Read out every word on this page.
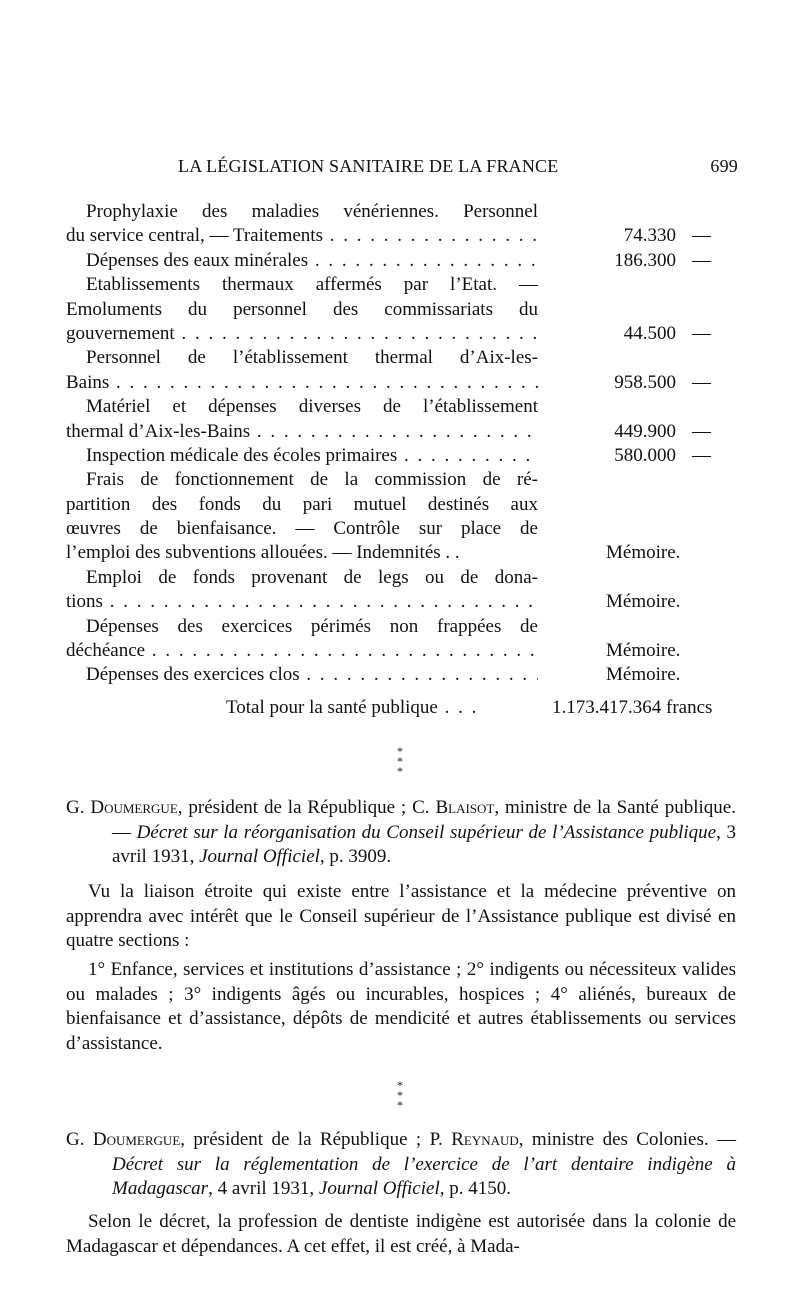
LA LÉGISLATION SANITAIRE DE LA FRANCE	699
Prophylaxie des maladies vénériennes. Personnel
du service central, — Traitements . . .	74.330 —
Dépenses des eaux minérales . . .	186.300 —
Etablissements thermaux affermés par l’Etat. —
Emoluments du personnel des commissariats du
gouvernement . . .	44.500 —
Personnel de l’établissement thermal d’Aix-les-
Bains . . .	958.500 —
Matériel et dépenses diverses de l’établissement
thermal d’Aix-les-Bains . . .	449.900 —
Inspection médicale des écoles primaires . . .	580.000 —
Frais de fonctionnement de la commission de ré-
partition des fonds du pari mutuel destinés aux
œuvres de bienfaisance. — Contrôle sur place de
l’emploi des subventions allouées. — Indemnités . .	Mémoire.
Emploi de fonds provenant de legs ou de dona-
tions . . .	Mémoire.
Dépenses des exercices périmés non frappées de
déchéance . . .	Mémoire.
Dépenses des exercices clos . . .	Mémoire.
Total pour la santé publique . . .	1.173.417.364 francs
*
* *
G. Doumergue, président de la République ; C. Blaisot, ministre de la Santé publique. — Décret sur la réorganisation du Conseil supérieur de l’Assistance publique, 3 avril 1931, Journal Officiel, p. 3909.
Vu la liaison étroite qui existe entre l’assistance et la médecine préventive on apprendra avec intérêt que le Conseil supérieur de l’Assistance publique est divisé en quatre sections :
1° Enfance, services et institutions d’assistance ; 2° indigents ou nécessiteux valides ou malades ; 3° indigents âgés ou incurables, hospices ; 4° aliénés, bureaux de bienfaisance et d’assistance, dépôts de mendicité et autres établissements ou services d’assistance.
*
* *
G. Doumergue, président de la République ; P. Reynaud, ministre des Colonies. — Décret sur la réglementation de l’exercice de l’art dentaire indigène à Madagascar, 4 avril 1931, Journal Officiel, p. 4150.
Selon le décret, la profession de dentiste indigène est autorisée dans la colonie de Madagascar et dépendances. A cet effet, il est créé, à Mada-
